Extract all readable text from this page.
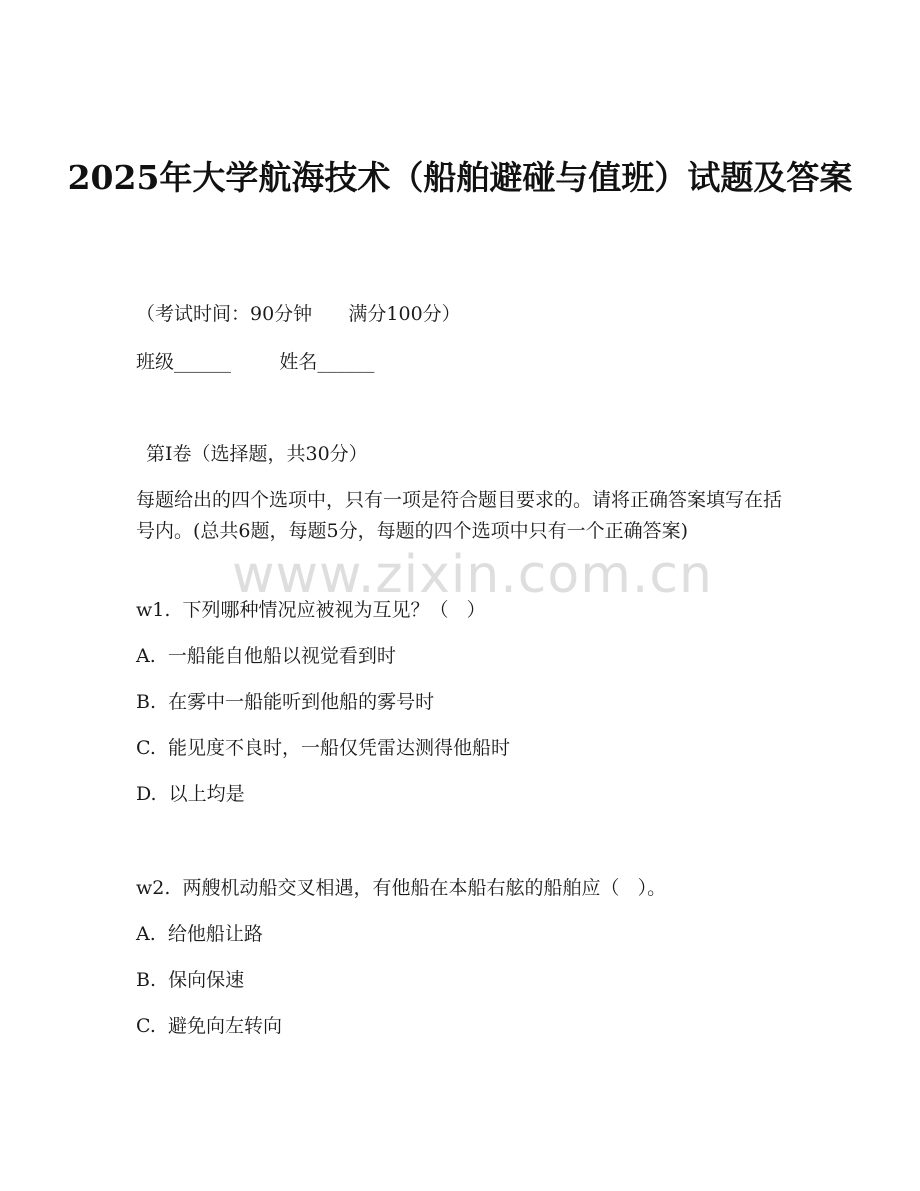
www.zixin.com.cn
2025年大学航海技术（船舶避碰与值班）试题及答案
（考试时间：90分钟      满分100分）
班级______        姓名______
第I卷（选择题，共30分）
每题给出的四个选项中，只有一项是符合题目要求的。请将正确答案填写在括号内。(总共6题，每题5分，每题的四个选项中只有一个正确答案)
w1.  下列哪种情况应被视为互见？（   ）
A.  一船能自他船以视觉看到时
B.  在雾中一船能听到他船的雾号时
C.  能见度不良时，一船仅凭雷达测得他船时
D.  以上均是
w2.  两艘机动船交叉相遇，有他船在本船右舷的船舶应（   ）。
A.  给他船让路
B.  保向保速
C.  避免向左转向
